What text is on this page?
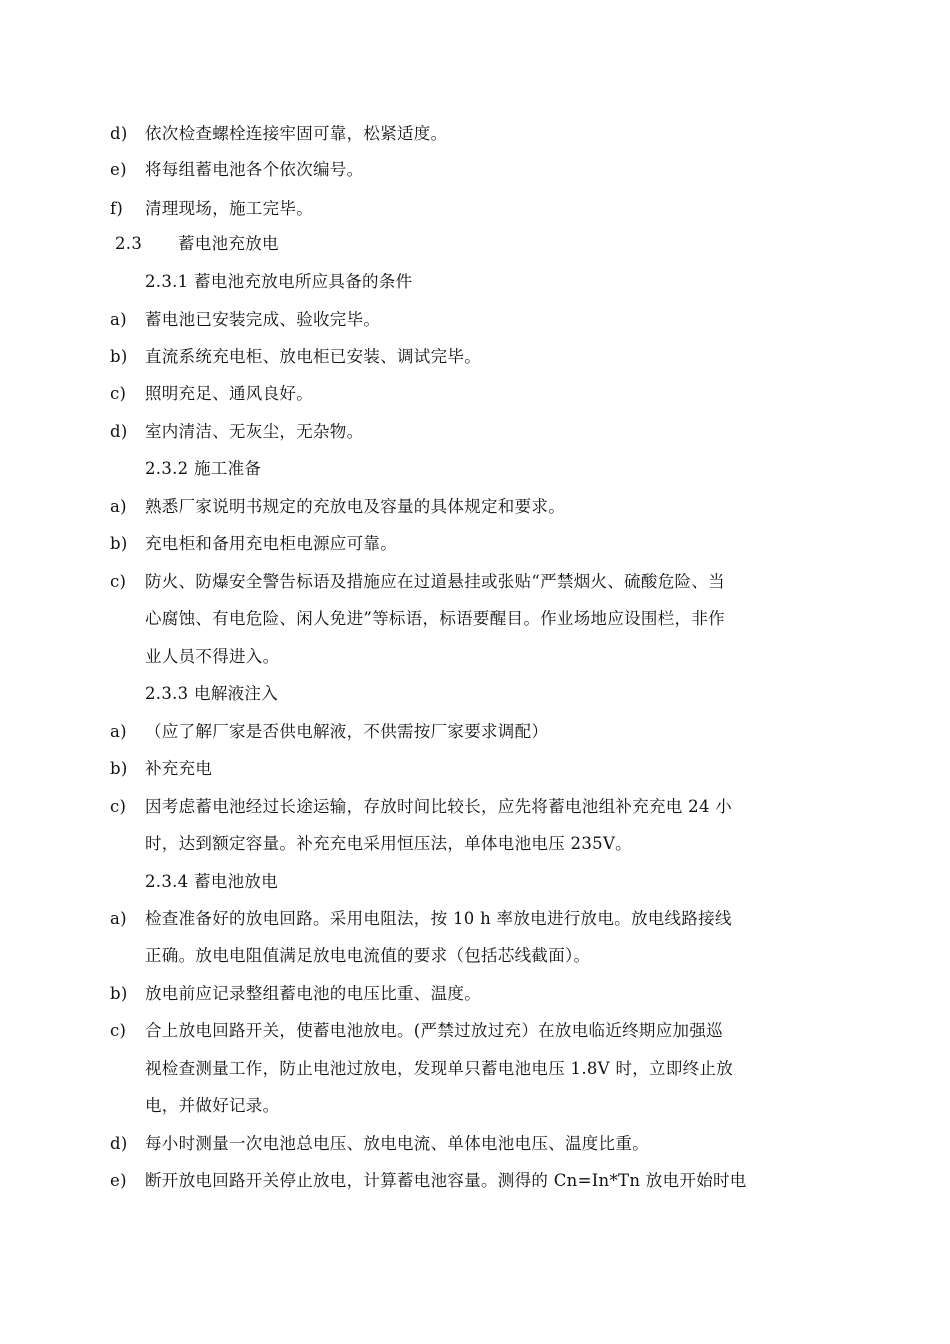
d) 依次检查螺栓连接牢固可靠，松紧适度。
e) 将每组蓄电池各个依次编号。
f) 清理现场，施工完毕。
2.3 蓄电池充放电
2.3.1 蓄电池充放电所应具备的条件
a) 蓄电池已安装完成、验收完毕。
b) 直流系统充电柜、放电柜已安装、调试完毕。
c) 照明充足、通风良好。
d) 室内清洁、无灰尘，无杂物。
2.3.2 施工准备
a) 熟悉厂家说明书规定的充放电及容量的具体规定和要求。
b) 充电柜和备用充电柜电源应可靠。
c) 防火、防爆安全警告标语及措施应在过道悬挂或张贴“严禁烟火、硫酸危险、当
心腐蚀、有电危险、闲人免进”等标语，标语要醒目。作业场地应设围栏，非作
业人员不得进入。
2.3.3 电解液注入
a) （应了解厂家是否供电解液，不供需按厂家要求调配）
b) 补充充电
c) 因考虑蓄电池经过长途运输，存放时间比较长，应先将蓄电池组补充充电 24 小
时，达到额定容量。补充充电采用恒压法，单体电池电压 235V。
2.3.4 蓄电池放电
a) 检查准备好的放电回路。采用电阻法，按 10 h 率放电进行放电。放电线路接线
正确。放电电阻值满足放电电流值的要求（包括芯线截面）。
b) 放电前应记录整组蓄电池的电压比重、温度。
c) 合上放电回路开关，使蓄电池放电。(严禁过放过充）在放电临近终期应加强巡
视检查测量工作，防止电池过放电，发现单只蓄电池电压 1.8V 时，立即终止放
电，并做好记录。
d) 每小时测量一次电池总电压、放电电流、单体电池电压、温度比重。
e) 断开放电回路开关停止放电，计算蓄电池容量。测得的 Cn=In*Tn 放电开始时电
